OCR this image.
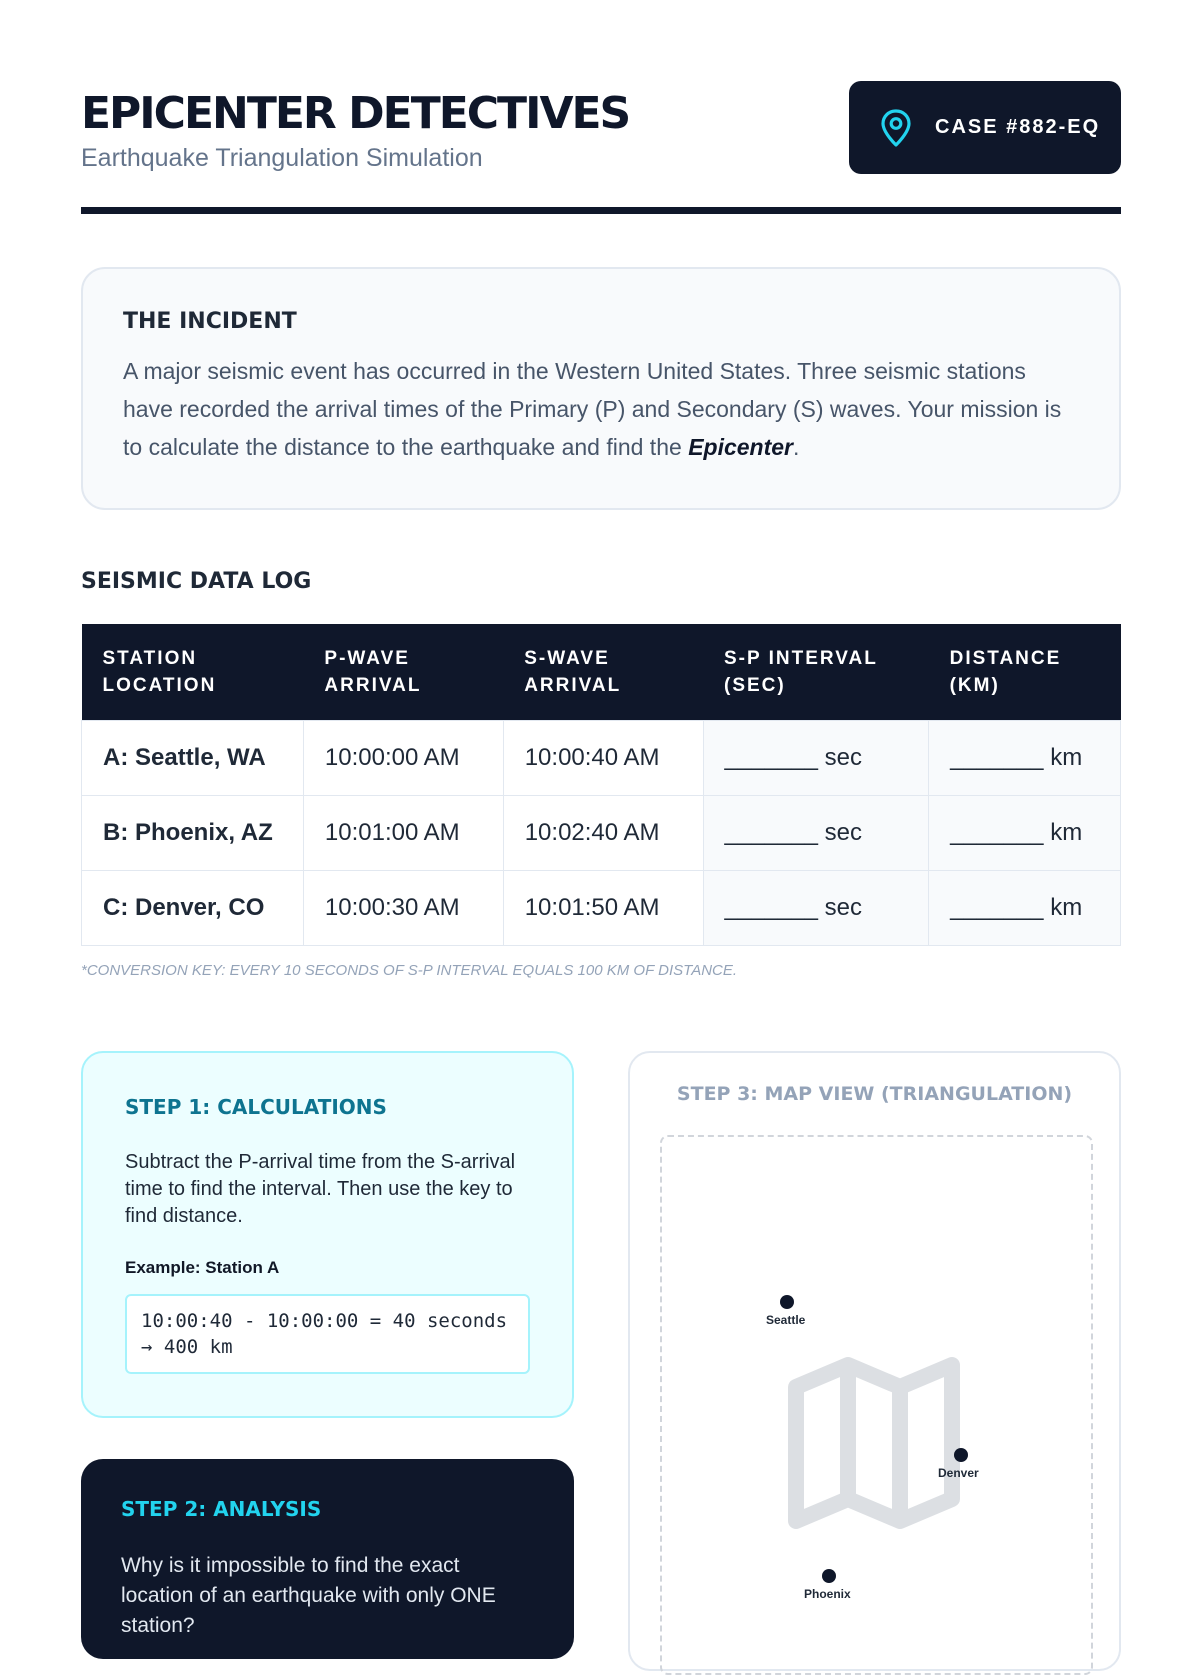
EPICENTER DETECTIVES
Earthquake Triangulation Simulation
CASE #882-EQ
THE INCIDENT

A major seismic event has occurred in the Western United States. Three seismic stations have recorded the arrival times of the Primary (P) and Secondary (S) waves. Your mission is to calculate the distance to the earthquake and find the Epicenter.

SEISMIC DATA LOG
STATION LOCATION	P-WAVE ARRIVAL	S-WAVE ARRIVAL	S-P INTERVAL (SEC)	DISTANCE (KM)
A: Seattle, WA	10:00:00 AM	10:00:40 AM	_______ sec	_______ km
B: Phoenix, AZ	10:01:00 AM	10:02:40 AM	_______ sec	_______ km
C: Denver, CO	10:00:30 AM	10:01:50 AM	_______ sec	_______ km
*CONVERSION KEY: EVERY 10 SECONDS OF S-P INTERVAL EQUALS 100 KM OF DISTANCE.
STEP 1: CALCULATIONS

Subtract the P-arrival time from the S-arrival time to find the interval. Then use the key to find distance.

Example: Station A
10:00:40 - 10:00:00 = 40 seconds → 400 km
STEP 2: ANALYSIS

Why is it impossible to find the exact location of an earthquake with only ONE station?

STEP 3: MAP VIEW (TRIANGULATION)
Seattle
Denver
Phoenix
